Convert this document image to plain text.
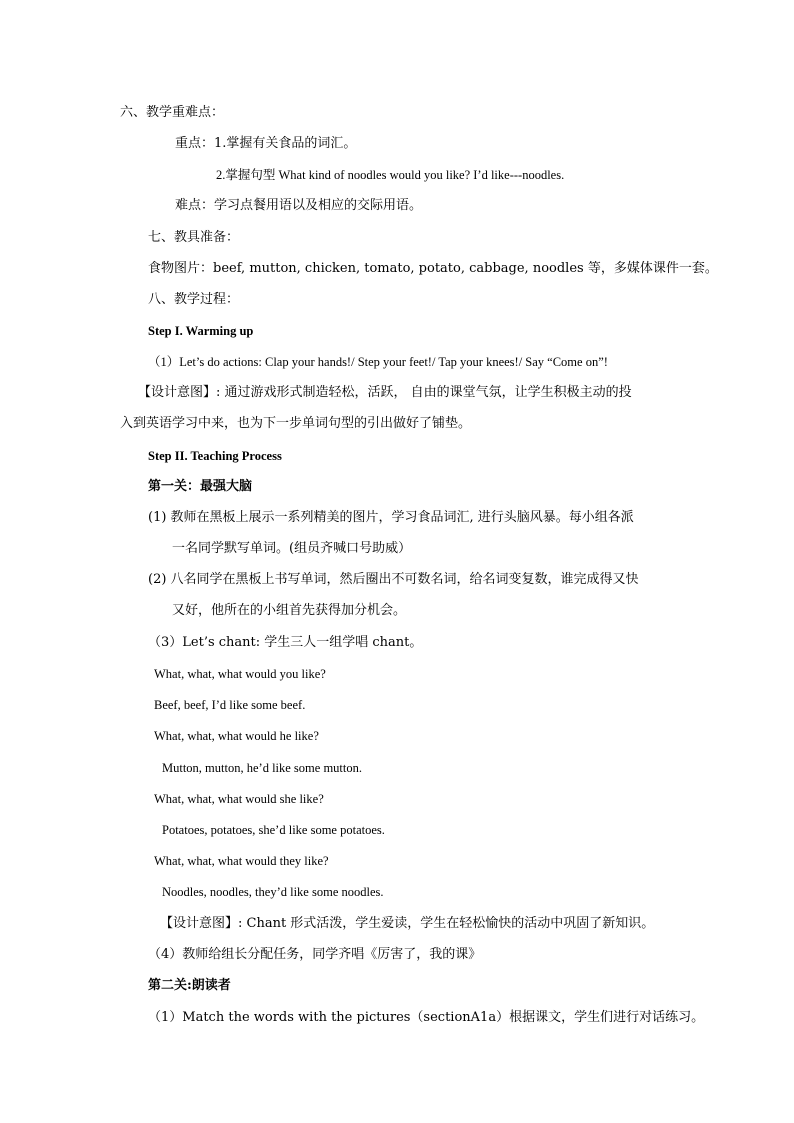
六、教学重难点：
重点：1.掌握有关食品的词汇。
2.掌握句型 What kind of noodles would you like? I’d like---noodles.
难点：学习点餐用语以及相应的交际用语。
七、教具准备：
食物图片：beef, mutton, chicken, tomato, potato, cabbage, noodles 等，多媒体课件一套。
八、教学过程：
Step I. Warming up
（1）Let’s do actions: Clap your hands!/ Step your feet!/ Tap your knees!/ Say “Come on”!
【设计意图】: 通过游戏形式制造轻松，活跃， 自由的课堂气氛，让学生积极主动的投
入到英语学习中来，也为下一步单词句型的引出做好了铺垫。
Step II. Teaching Process
第一关：最强大脑
(1) 教师在黑板上展示一系列精美的图片，学习食品词汇, 进行头脑风暴。每小组各派
一名同学默写单词。(组员齐喊口号助威）
(2) 八名同学在黑板上书写单词，然后圈出不可数名词，给名词变复数，谁完成得又快
又好，他所在的小组首先获得加分机会。
（3）Let’s chant: 学生三人一组学唱 chant。
What, what, what would you like?
Beef, beef, I’d like some beef.
What, what, what would he like?
Mutton, mutton, he’d like some mutton.
What, what, what would she like?
Potatoes, potatoes, she’d like some potatoes.
What, what, what would they like?
Noodles, noodles, they’d like some noodles.
【设计意图】: Chant 形式活泼，学生爱读，学生在轻松愉快的活动中巩固了新知识。
（4）教师给组长分配任务，同学齐唱《厉害了，我的课》
第二关:朗读者
（1）Match the words with the pictures（sectionA1a）根据课文，学生们进行对话练习。
